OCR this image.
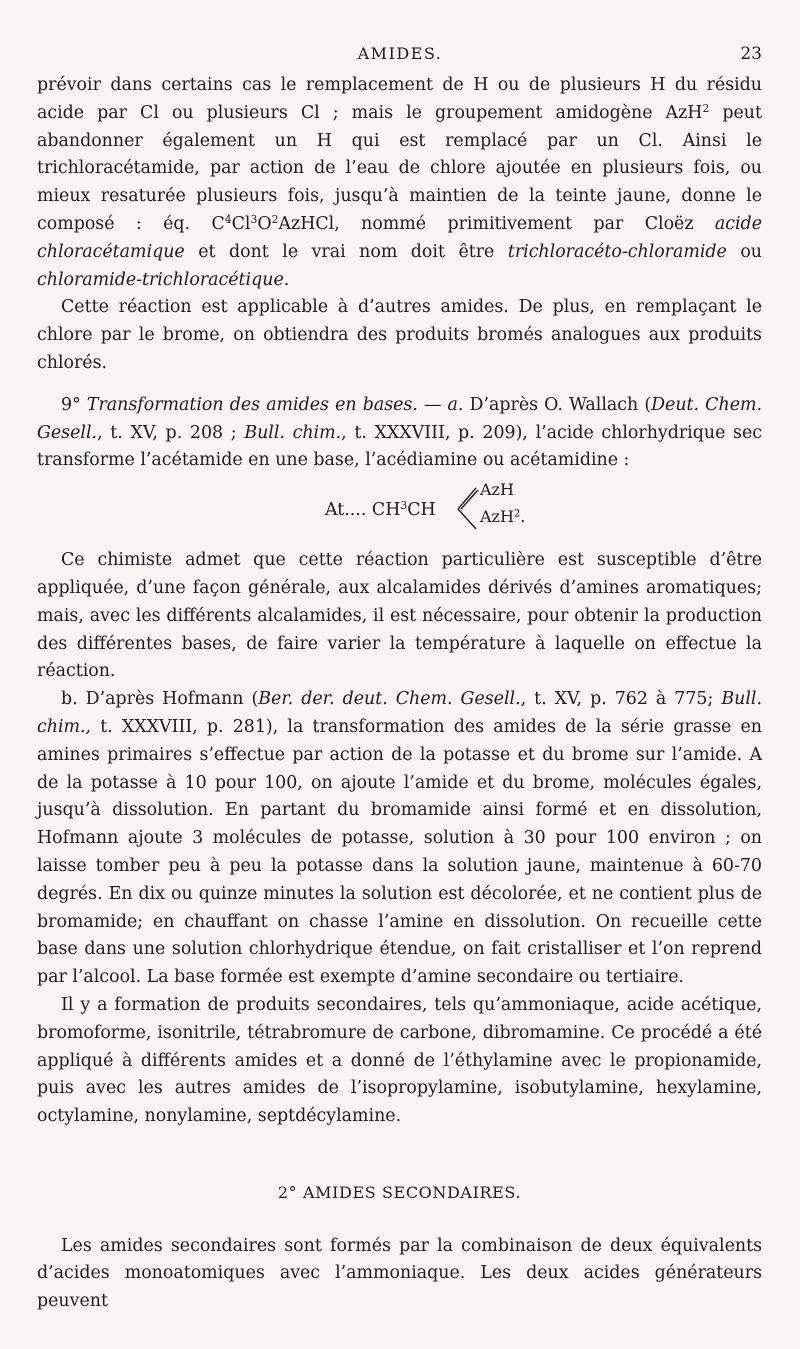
AMIDES.	23

prévoir dans certains cas le remplacement de H ou de plusieurs H du résidu acide par Cl ou plusieurs Cl ; mais le groupement amidogène AzH$^2$ peut abandonner également un H qui est remplacé par un Cl. Ainsi le trichloracétamide, par action de l’eau de chlore ajoutée en plusieurs fois, ou mieux resaturée plusieurs fois, jusqu’à maintien de la teinte jaune, donne le composé : éq. $C^4Cl^3O^2AzHCl$, nommé primitivement par Cloëz acide chloracétamique et dont le vrai nom doit être trichloracéto-chloramide ou chloramide-trichloracétique.

Cette réaction est applicable à d’autres amides. De plus, en remplaçant le chlore par le brome, on obtiendra des produits bromés analogues aux produits chlorés.

9° Transformation des amides en bases. — a. D’après O. Wallach (Deut. Chem. Gesell., t. XV, p. 208 ; Bull. chim., t. XXXVIII, p. 209), l’acide chlorhydrique sec transforme l’acétamide en une base, l’acédiamine ou acétamidine :

At.... $CH^3CH$
AzH
AzH$^2$.

Ce chimiste admet que cette réaction particulière est susceptible d’être appliquée, d’une façon générale, aux alcalamides dérivés d’amines aromatiques; mais, avec les différents alcalamides, il est nécessaire, pour obtenir la production des différentes bases, de faire varier la température à laquelle on effectue la réaction.

b. D’après Hofmann (Ber. der. deut. Chem. Gesell., t. XV, p. 762 à 775; Bull. chim., t. XXXVIII, p. 281), la transformation des amides de la série grasse en amines primaires s’effectue par action de la potasse et du brome sur l’amide. A de la potasse à 10 pour 100, on ajoute l’amide et du brome, molécules égales, jusqu’à dissolution. En partant du bromamide ainsi formé et en dissolution, Hofmann ajoute 3 molécules de potasse, solution à 30 pour 100 environ ; on laisse tomber peu à peu la potasse dans la solution jaune, maintenue à 60-70 degrés. En dix ou quinze minutes la solution est décolorée, et ne contient plus de bromamide; en chauffant on chasse l’amine en dissolution. On recueille cette base dans une solution chlorhydrique étendue, on fait cristalliser et l’on reprend par l’alcool. La base formée est exempte d’amine secondaire ou tertiaire.

Il y a formation de produits secondaires, tels qu’ammoniaque, acide acétique, bromoforme, isonitrile, tétrabromure de carbone, dibromamine. Ce procédé a été appliqué à différents amides et a donné de l’éthylamine avec le propionamide, puis avec les autres amides de l’isopropylamine, isobutylamine, hexylamine, octylamine, nonylamine, septdécylamine.

2° AMIDES SECONDAIRES.

Les amides secondaires sont formés par la combinaison de deux équivalents d’acides monoatomiques avec l’ammoniaque. Les deux acides générateurs peuvent
